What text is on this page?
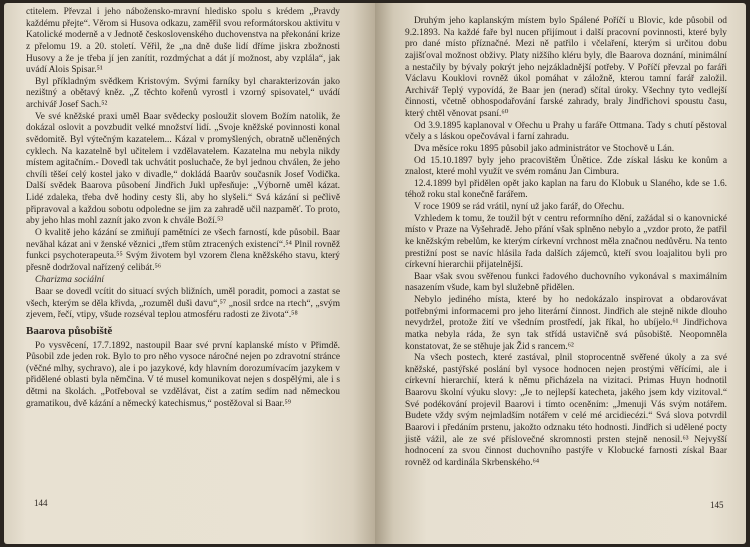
ctitelem. Převzal i jeho nábožensko-mravní hledisko spolu s krédem „Pravdy každému přejte“. Věrom si Husova odkazu, zaměřil svou reformátorskou aktivitu v Katolické moderně a v Jednotě československého duchovenstva na překonání krize z přelomu 19. a 20. století. Věřil, že „na dně duše lidí dříme jiskra zbožnosti Husovy a že je třeba jí jen zanítit, rozdmýchat a dát jí možnost, aby vzplála“, jak uvádí Alois Spisar.⁵¹

Byl příkladným svědkem Kristovým. Svými farníky byl charakterizován jako nezištný a obětavý kněz. „Z těchto kořenů vyrostl i vzorný spisovatel,“ uvádí archivář Josef Sach.⁵²

Ve své kněžské praxi uměl Baar svědecky posloužit slovem Božím natolik, že dokázal oslovit a povzbudit velké množství lidí. „Svoje kněžské povinnosti konal svědomitě. Byl výtečným kazatelem... Kázal v promyšlených, obratně učleněných cyklech. Na kazatelně byl učitelem i vzdělavatelem. Kazatelna mu nebyla nikdy místem agitačním.- Dovedl tak uchvátit posluchače, že byl jednou chválen, že jeho chvíli těšeí celý kostel jako v divadle,“ dokládá Baarův současník Josef Vodička. Další svědek Baarova působení Jindřich Jukl upřesňuje: „Výborně uměl kázat. Lidé zdaleka, třeba dvě hodiny cesty šli, aby ho slyšeli.“ Svá kázání si pečlivě připravoval a každou sobotu odpoledne se jim za zahradě učil nazpaměť. To proto, aby jeho hlas mohl zaznít jako zvon k chvále Boží.⁵³

O kvalitě jeho kázání se zmiňují pamětníci ze všech farností, kde působil. Baar nevăhal kázat ani v ženské věznici „třem stům ztracených existencí“.⁵⁴ Plnil rovněž funkci psychoterapeuta.⁵⁵ Svým životem byl vzorem člena kněžského stavu, který přesně dodržoval nařízený celibát.⁵⁶

Charizma sociální

Baar se dovedl vcítit do situací svých bližních, uměl poradit, pomoci a zastat se všech, kterým se děla křivda, „rozuměl duši davu“,⁵⁷ „nosil srdce na rtech“, „svým zjevem, řečí, vtipy, všude rozséval teplou atmosféru radosti ze života“.⁵⁸

Baarova působiště

Po vysvěcení, 17.7.1892, nastoupil Baar své první kaplanské místo v Přimdě. Působil zde jeden rok. Bylo to pro něho vysoce náročné nejen po zdravotní stránce (věčné mlhy, sychravo), ale i po jazykové, kdy hlavním dorozumívacím jazykem v přidělené oblasti byla němčina. V té musel komunikovat nejen s dospělými, ale i s dětmi na školách. „Potřeboval se vzdělávat, čist a zatím sedím nad německou gramatikou, dvě kázání a německý katechismus,“ postěžoval si Baar.⁵⁹

144

Druhým jeho kaplanským místem bylo Spálené Poříčí u Blovic, kde působil od 9.2.1893. Na každé faře byl nucen přijímout i další pracovní povinnosti, které byly pro dané místo příznačné. Mezi ně patřilo i včelaření, kterým si určitou dobu zajišťoval možnost obživy. Platy nižšího kléru byly, dle Baarova doznání, minimální a nestačily by bývaly pokrýt jeho nejzákladnější potřeby. V Poříčí převzal po faráři Václavu Kouklovi rovněž úkol pomáhat v záložně, kterou tamní farář založil. Archivář Teplý vypovídá, že Baar jen (nerad) sčítal úroky. Všechny tyto vedlejší činnosti, včetně obhospodařování farské zahrady, braly Jindřichovi spoustu času, který chtěl věnovat psaní.⁶⁰

Od 3.9.1895 kaplanoval v Ořechu u Prahy u faráře Ottmana. Tady s chutí pěstoval včely a s láskou opečovával i farní zahradu.

Dva měsíce roku 1895 působil jako administrátor ve Stochově u Lán.

Od 15.10.1897 byly jeho pracovištěm Únětice. Zde získal lásku ke konům a znalost, které mohl využít ve svém románu Jan Cimbura.

12.4.1899 byl přidělen opět jako kaplan na faru do Klobuk u Slaného, kde se 1.6. téhož roku stal konečně farářem.

V roce 1909 se rád vrátil, nyní už jako farář, do Ořechu.

Vzhledem k tomu, že toužil být v centru reformního dění, zažádal si o kanovnické místo v Praze na Vyšehradě. Jeho přání však splněno nebylo a „vzdor proto, že patřil ke kněžským rebelům, ke kterým církevní vrchnost měla značnou nedůvěru. Na tento prestižní post se navíc hlásila řada dalších zájemců, kteří svou loajalitou byli pro církevní hierarchii přijatelnější.

Baar však svou svěřenou funkci řadového duchovního vykonával s maximálním nasazením všude, kam byl služebně přidělen.

Nebylo jediného místa, které by ho nedokázalo inspirovat a obdarovávat potřebnými informacemi pro jeho literární činnost. Jindřich ale stejně nikde dlouho nevydržel, protože žití ve všedním prostředí, jak říkal, ho ubíjelo.⁶¹ Jindřichova matka nebyla ráda, že syn tak střídá ustavičně svá působiště. Neopomněla konstatovat, že se stěhuje jak Žid s rancem.⁶²

Na všech postech, které zastával, plnil stoprocentně svěřené úkoly a za své kněžské, pastýřské poslání byl vysoce hodnocen nejen prostými věřícími, ale i církevní hierarchií, která k němu přicházela na vizitaci. Primas Huyn hodnotil Baarovu školní výuku slovy: „Je to nejlepší katecheta, jakého jsem kdy vizitoval.“ Své podékování projevil Baarovi i tímto oceněním: „Jmenuji Vás svým notářem. Budete vždy svým nejmladším notářem v celé mé arcidiecézi.“ Svá slova potvrdil Baarovi i předáním prstenu, jakožto odznaku této hodnosti. Jindřich si udělené pocty jistě vážil, ale ze své příslovečné skromnosti prsten stejně nenosil.⁶³ Nejvyšší hodnocení za svou činnost duchovního pastýře v Klobucké farnosti získal Baar rovněž od kardinála Skrbenského.⁶⁴

145
